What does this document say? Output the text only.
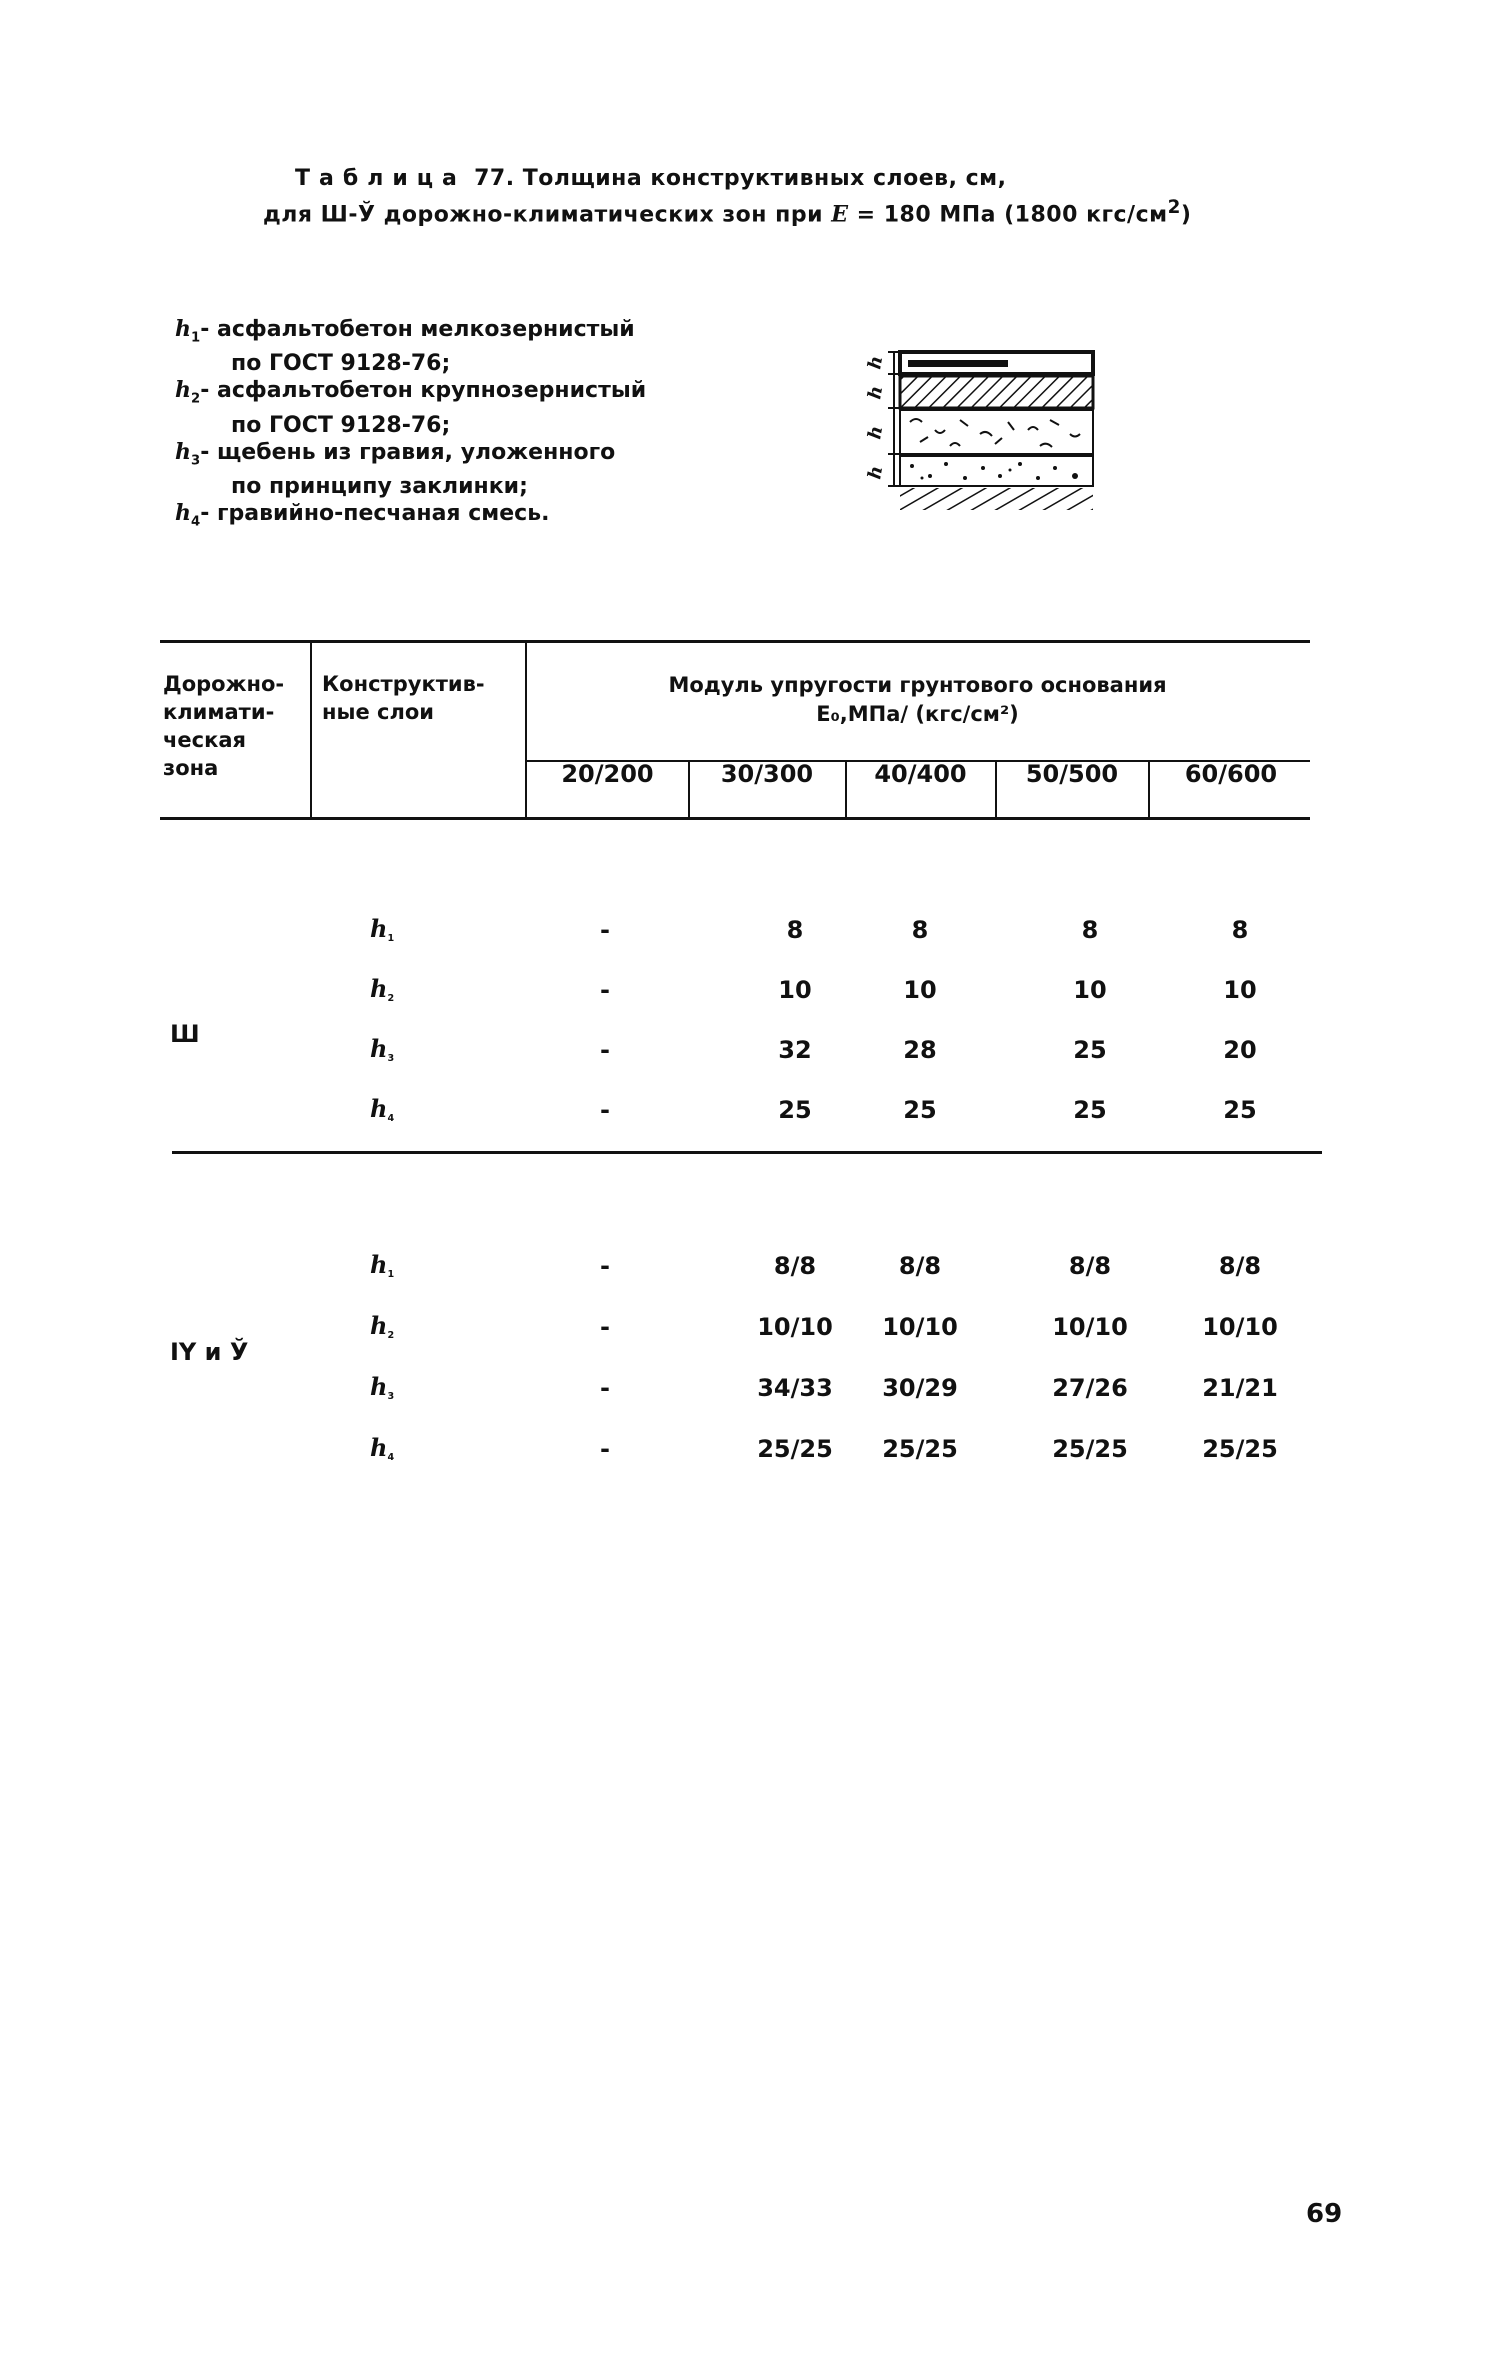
Таблица 77. Толщина конструктивных слоев, см,
для Ш-Ў дорожно-климатических зон при E = 180 МПа (1800 кгс/$см^2$)
$h_1-$ асфальтобетон мелкозернистый
по ГОСТ 9128-76;
$h_2-$ асфальтобетон крупнозернистый
по ГОСТ 9128-76;
$h_3-$ щебень из гравия, уложенного
по принципу заклинки;
$h_4-$ гравийно-песчаная смесь.
h
h
h
h
Дорожно-климати-ческая зона
Конструктив-ные слои
Модуль упругости грунтового основания
E₀,МПа/ (кгс/см²)
20/200	30/300	40/400	50/500	60/600
Ш
$h_1$	-	8	8	8	8
$h_2$	-	10	10	10	10
$h_3$	-	32	28	25	20
$h_4$	-	25	25	25	25
ІҮ и Ў
$h_1$	-	8/8	8/8	8/8	8/8
$h_2$	-	10/10	10/10	10/10	10/10
$h_3$	-	34/33	30/29	27/26	21/21
$h_4$	-	25/25	25/25	25/25	25/25
69
